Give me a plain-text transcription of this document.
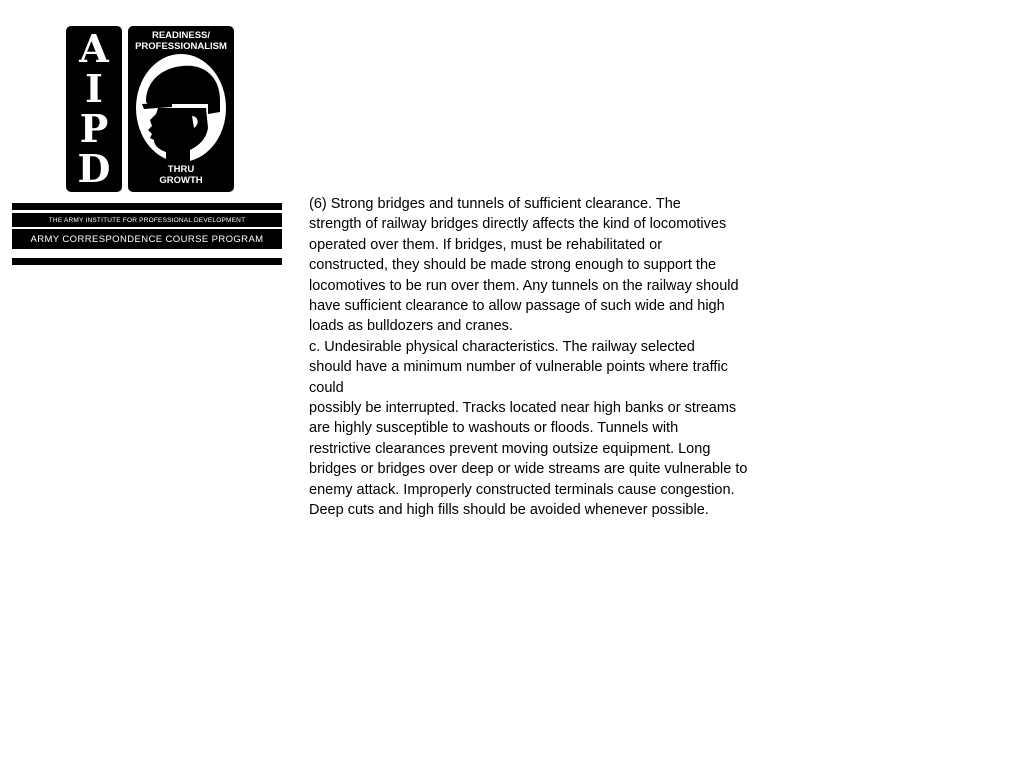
A
I
P
D
READINESS/
PROFESSIONALISM
THRU
GROWTH
THE ARMY INSTITUTE FOR PROFESSIONAL DEVELOPMENT
ARMY CORRESPONDENCE COURSE PROGRAM

(6) Strong bridges and tunnels of sufficient clearance. The

strength of railway bridges directly affects the kind of locomotives

operated over them. If bridges, must be rehabilitated or

constructed, they should be made strong enough to support the

locomotives to be run over them. Any tunnels on the railway should

have sufficient clearance to allow passage of such wide and high

loads as bulldozers and cranes.

c. Undesirable physical characteristics. The railway selected

should have a minimum number of vulnerable points where traffic

could

possibly be interrupted. Tracks located near high banks or streams

are highly susceptible to washouts or floods. Tunnels with

restrictive clearances prevent moving outsize equipment. Long

bridges or bridges over deep or wide streams are quite vulnerable to

enemy attack. Improperly constructed terminals cause congestion.

Deep cuts and high fills should be avoided whenever possible.
